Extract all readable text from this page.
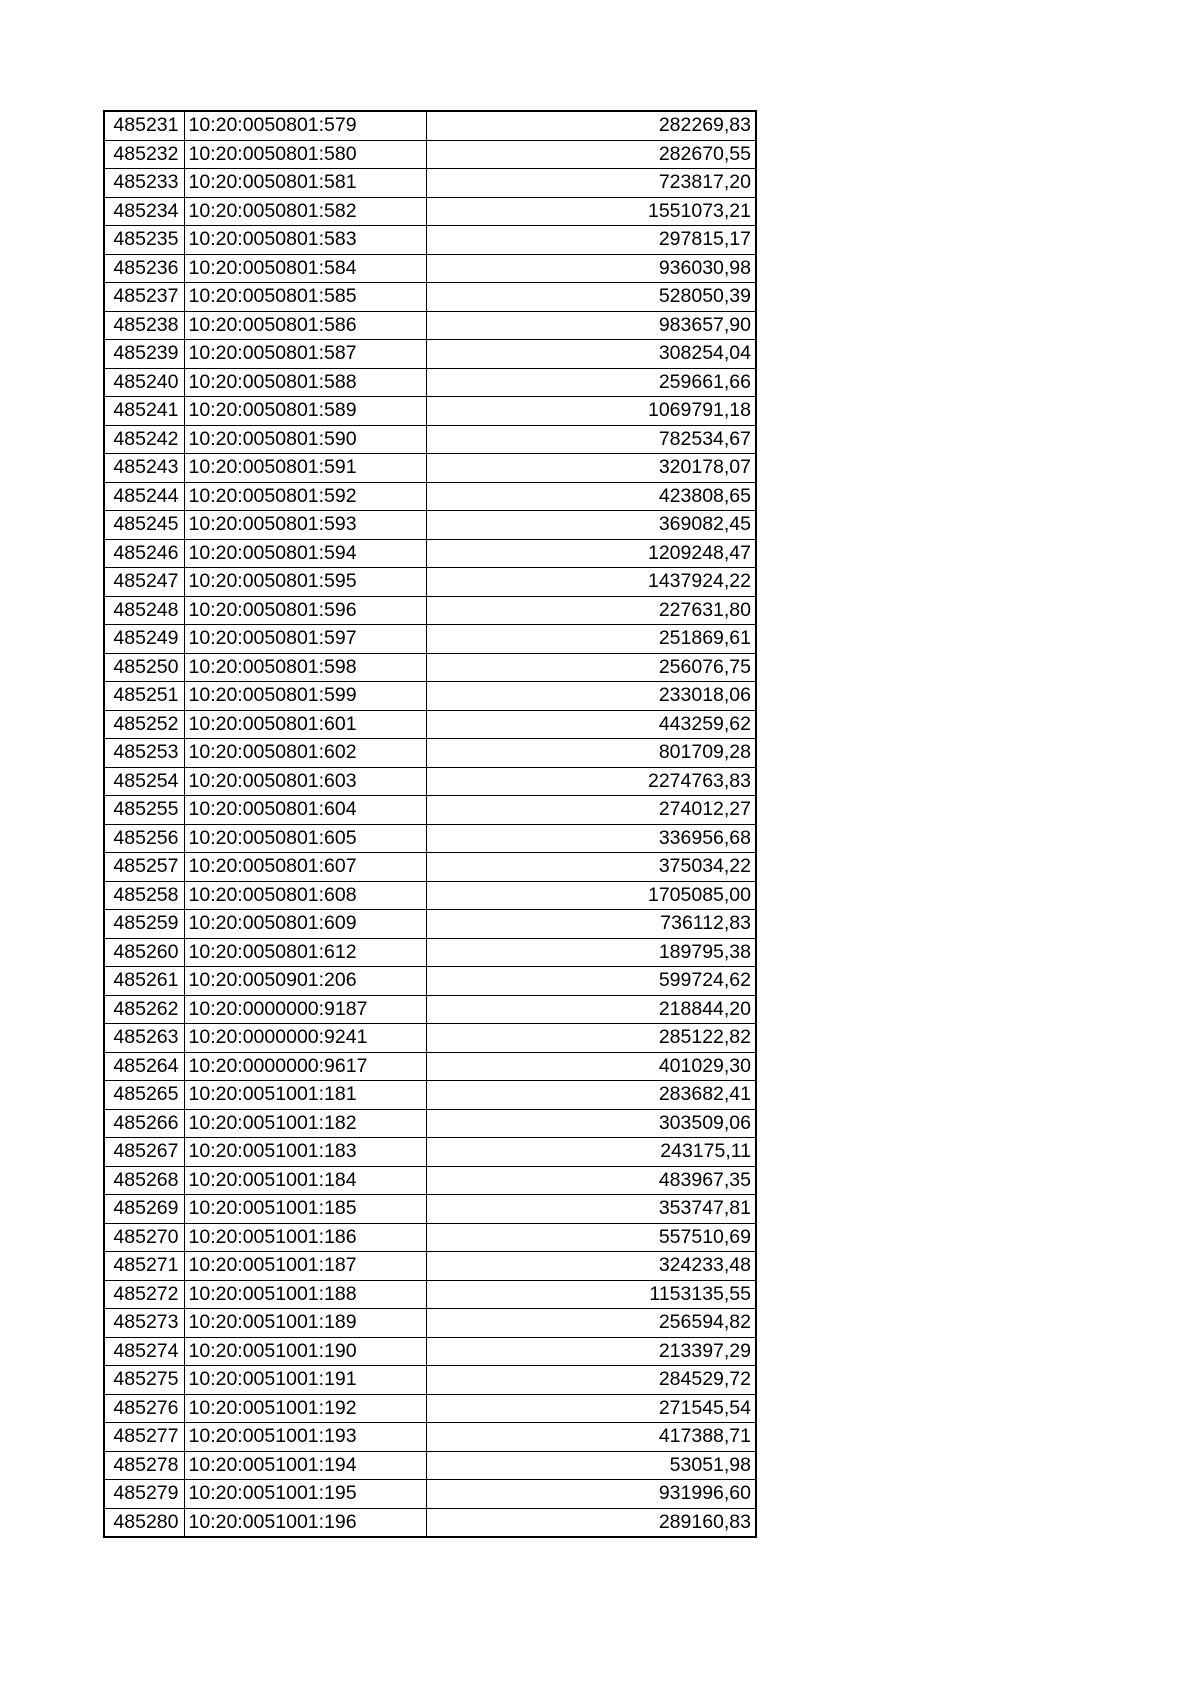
485231	10:20:0050801:579	282269,83
485232	10:20:0050801:580	282670,55
485233	10:20:0050801:581	723817,20
485234	10:20:0050801:582	1551073,21
485235	10:20:0050801:583	297815,17
485236	10:20:0050801:584	936030,98
485237	10:20:0050801:585	528050,39
485238	10:20:0050801:586	983657,90
485239	10:20:0050801:587	308254,04
485240	10:20:0050801:588	259661,66
485241	10:20:0050801:589	1069791,18
485242	10:20:0050801:590	782534,67
485243	10:20:0050801:591	320178,07
485244	10:20:0050801:592	423808,65
485245	10:20:0050801:593	369082,45
485246	10:20:0050801:594	1209248,47
485247	10:20:0050801:595	1437924,22
485248	10:20:0050801:596	227631,80
485249	10:20:0050801:597	251869,61
485250	10:20:0050801:598	256076,75
485251	10:20:0050801:599	233018,06
485252	10:20:0050801:601	443259,62
485253	10:20:0050801:602	801709,28
485254	10:20:0050801:603	2274763,83
485255	10:20:0050801:604	274012,27
485256	10:20:0050801:605	336956,68
485257	10:20:0050801:607	375034,22
485258	10:20:0050801:608	1705085,00
485259	10:20:0050801:609	736112,83
485260	10:20:0050801:612	189795,38
485261	10:20:0050901:206	599724,62
485262	10:20:0000000:9187	218844,20
485263	10:20:0000000:9241	285122,82
485264	10:20:0000000:9617	401029,30
485265	10:20:0051001:181	283682,41
485266	10:20:0051001:182	303509,06
485267	10:20:0051001:183	243175,11
485268	10:20:0051001:184	483967,35
485269	10:20:0051001:185	353747,81
485270	10:20:0051001:186	557510,69
485271	10:20:0051001:187	324233,48
485272	10:20:0051001:188	1153135,55
485273	10:20:0051001:189	256594,82
485274	10:20:0051001:190	213397,29
485275	10:20:0051001:191	284529,72
485276	10:20:0051001:192	271545,54
485277	10:20:0051001:193	417388,71
485278	10:20:0051001:194	53051,98
485279	10:20:0051001:195	931996,60
485280	10:20:0051001:196	289160,83
